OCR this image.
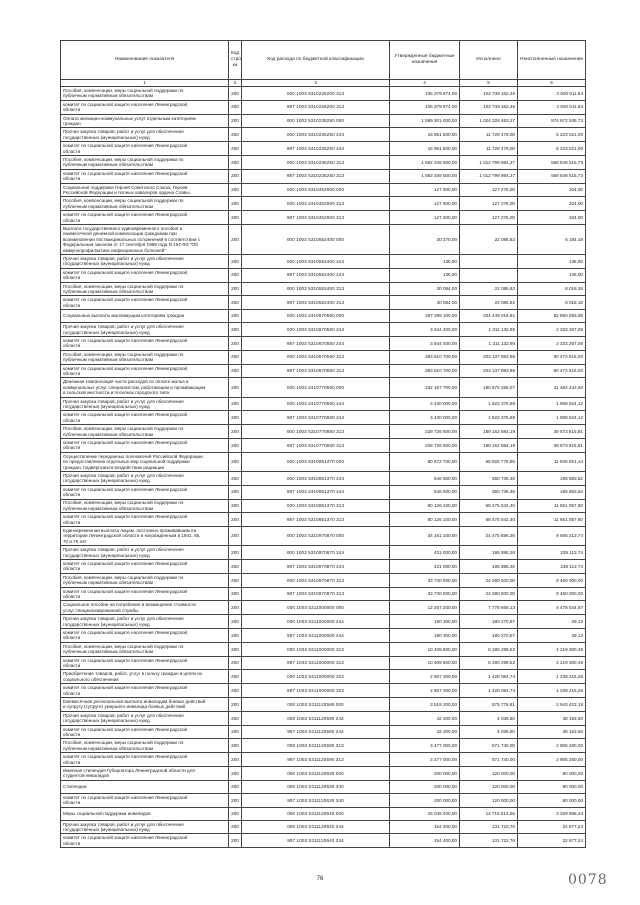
Наименование показателя	Код стро ки	Код расхода по бюджетной классификации	Утвержденные бюджетные назначения	Исполнено	Неисполненные назначения
1	2	3	4	5	6

Пособия, компенсации, меры социальной поддержки по
публичным нормативным обязательствам	200	000 1003 5310226200 313	105 379 674,00	102 749 162,46	2 630 511,54

комитет по социальной защите населения Ленинградской
области	200	987 1003 5310226200 313	105 379 674,00	102 749 162,46	2 630 511,54

Оплата жилищно-коммунальных услуг отдельным категориям
граждан	200	000 1003 5310235250 000	1 599 301 000,00	1 024 328 463,27	574 972 536,73

Прочая закупка товаров, работ и услуг для обеспечения
государственных (муниципальных) нужд	200	000 1003 5310235250 244	16 951 500,00	11 728 479,00	5 223 021,00

комитет по социальной защите населения Ленинградской
области	200	987 1003 5310235250 244	16 951 500,00	11 728 479,00	5 223 021,00

Пособия, компенсации, меры социальной поддержки по
публичным нормативным обязательствам	200	000 1003 5310235250 313	1 582 349 500,00	1 012 799 984,27	569 549 515,73

комитет по социальной защите населения Ленинградской
области	200	987 1003 5310235250 313	1 582 349 500,00	1 012 799 984,27	569 549 515,73

Социальная поддержка Героев Советского Союза, Героев
Российской Федерации и полных кавалеров ордена Славы	200	000 1003 5310452900 000	127 600,00	127 276,00	324,00

Пособия, компенсации, меры социальной поддержки по
публичным нормативным обязательствам	200	000 1003 5310452900 313	127 600,00	127 276,00	324,00

комитет по социальной защите населения Ленинградской
области	200	987 1003 5310452900 313	127 600,00	127 276,00	324,00

Выплата государственного единовременного пособия и
ежемесячной денежной компенсации гражданам при
возникновении поствакцинальных осложнений в соответствии с
Федеральным законом от 17 сентября 1998 года N 157-ФЗ "Об
иммунопрофилактике инфекционных болезней"	200	000 1003 5310552400 000	30 270,00	22 085,82	8 184,18

Прочая закупка товаров, работ и услуг для обеспечения
государственных (муниципальных) нужд	200	000 1003 5310552400 244	136,00		136,00

комитет по социальной защите населения Ленинградской
области	200	987 1003 5310552400 244	136,00		136,00

Пособия, компенсации, меры социальной поддержки по
публичным нормативным обязательствам	200	000 1003 5310552400 313	30 084,00	22 085,82	8 018,18

комитет по социальной защите населения Ленинградской
области	200	987 1003 5310552400 313	30 084,00	22 085,82	8 018,18

Социальные выплаты малоимущим категориям граждан	200	000 1003 5310670560 000	287 299 100,00	204 449 016,91	82 850 083,09

Прочая закупка товаров, работ и услуг для обеспечения
государственных (муниципальных) нужд	200	000 1003 5310670560 244	3 644 400,00	1 311 132,95	2 333 267,05

комитет по социальной защите населения Ленинградской
области	200	987 1003 5310670560 244	3 644 400,00	1 311 132,95	2 333 267,05

Пособия, компенсации, меры социальной поддержки по
публичным нормативным обязательствам	200	000 1003 5310670560 313	283 610 700,00	203 137 883,96	80 472 816,04

комитет по социальной защите населения Ленинградской
области	200	987 1003 5310670560 313	283 610 700,00	203 137 883,96	80 472 816,04

Денежная компенсация части расходов по оплате жилья и
коммунальных услуг специалистам, работающим и проживающим
в сельской местности и поселках городского типа	200	000 1003 5310770860 000	232 157 700,00	190 675 266,07	41 482 433,93

Прочая закупка товаров, работ и услуг для обеспечения
государственных (муниципальных) нужд	200	000 1003 5310770860 244	3 430 000,00	1 522 375,88	1 908 624,12

комитет по социальной защите населения Ленинградской
области	200	987 1003 5310770860 244	3 430 000,00	1 522 375,88	1 908 624,12

Пособия, компенсации, меры социальной поддержки по
публичным нормативным обязательствам	200	000 1003 5310770860 313	228 726 600,00	189 152 884,19	39 573 815,81

комитет по социальной защите населения Ленинградской
области	200	987 1003 5310770860 313	228 726 600,00	189 152 884,19	39 573 815,81

Осуществление переданных полномочий Российской Федерации
по предоставлению отдельных мер социальной поддержки
граждан, подвергшихся воздействию радиации	200	000 1003 5310851370 000	80 672 700,00	68 825 778,86	11 846 921,14

Прочая закупка товаров, работ и услуг для обеспечения
государственных (муниципальных) нужд	200	000 1003 5310851370 244	546 600,00	350 736,48	195 863,52

комитет по социальной защите населения Ленинградской
области	200	987 1003 5310851370 244	546 600,00	350 736,48	195 863,52

Пособия, компенсации, меры социальной поддержки по
публичным нормативным обязательствам	200	000 1003 5310851370 313	80 126 100,00	68 475 042,40	11 651 057,60

комитет по социальной защите населения Ленинградской
области	200	987 1003 5310851370 313	80 126 100,00	68 475 042,40	11 651 057,60

Единовременная выплата лицам, постоянно проживавшим на
территории Ленинградской области и награжденным в 1941, 65,
70 и 75 лет	200	000 1003 5310970870 000	34 161 100,00	24 475 886,26	9 685 213,74

Прочая закупка товаров, работ и услуг для обеспечения
государственных (муниципальных) нужд	200	000 1003 5310970870 244	431 000,00	195 886,26	235 113,74

комитет по социальной защите населения Ленинградской
области	200	987 1003 5310970870 244	431 000,00	195 886,26	235 113,74

Пособия, компенсации, меры социальной поддержки по
публичным нормативным обязательствам	200	000 1003 5310970870 313	33 730 000,00	24 280 000,00	9 450 000,00

комитет по социальной защите населения Ленинградской
области	200	987 1003 5310970870 313	33 730 000,00	24 280 000,00	9 450 000,00

Социальное пособие на погребение и возмещение стоимости
услуг специализированной службы	200	000 1003 5311000000 000	12 257 200,00	7 778 655,13	4 478 544,87

Прочая закупка товаров, работ и услуг для обеспечения
государственных (муниципальных) нужд	200	000 1003 5311000000 244	180 300,00	180 270,87	29,13

комитет по социальной защите населения Ленинградской
области	200	987 1003 5311000000 244	180 300,00	180 270,87	29,13

Пособия, компенсации, меры социальной поддержки по
публичным нормативным обязательствам	200	000 1003 5311000000 313	10 409 600,00	6 190 299,52	4 219 300,48

комитет по социальной защите населения Ленинградской
области	200	987 1003 5311000000 313	10 409 600,00	6 190 299,52	4 219 300,48

Приобретение товаров, работ, услуг в пользу граждан в целях их
социального обеспечения	200	000 1003 5311000000 323	2 667 300,00	1 428 084,74	1 239 215,26

комитет по социальной защите населения Ленинградской
области	200	987 1003 5311000000 323	2 667 300,00	1 428 084,74	1 239 215,26

Ежемесячная региональная выплата инвалидам боевых действий
и супругу (супруге) умершего инвалида боевых действий	200	000 1003 5311120590 000	3 519 200,00	575 776,81	2 943 423,19

Прочая закупка товаров, работ и услуг для обеспечения
государственных (муниципальных) нужд	200	000 1003 5311120590 244	42 200,00	4 036,50	38 163,50

комитет по социальной защите населения Ленинградской
области	200	987 1003 5311120590 244	42 200,00	4 036,50	38 163,50

Пособия, компенсации, меры социальной поддержки по
публичным нормативным обязательствам	200	000 1003 5311120590 313	3 477 000,00	571 740,00	2 905 260,00

комитет по социальной защите населения Ленинградской
области	200	987 1003 5311120590 313	3 477 000,00	571 740,00	2 905 260,00

Именная стипендия Губернатора Ленинградской области для
студентов-инвалидов	200	000 1003 5311120630 000	200 000,00	120 000,00	80 000,00

Стипендии	200	000 1003 5311120630 340	200 000,00	120 000,00	80 000,00

комитет по социальной защите населения Ленинградской
области	200	987 1003 5311120630 340	200 000,00	120 000,00	80 000,00

Меры социальной поддержки инвалидов	200	000 1003 5311120640 000	16 045 400,00	12 715 513,56	3 329 886,44

Прочая закупка товаров, работ и услуг для обеспечения
государственных (муниципальных) нужд	200	000 1003 5311120640 244	154 400,00	131 722,76	22 677,24

комитет по социальной защите населения Ленинградской
области	200	987 1003 5311120640 244	154 400,00	131 722,76	22 677,24
76	0078
